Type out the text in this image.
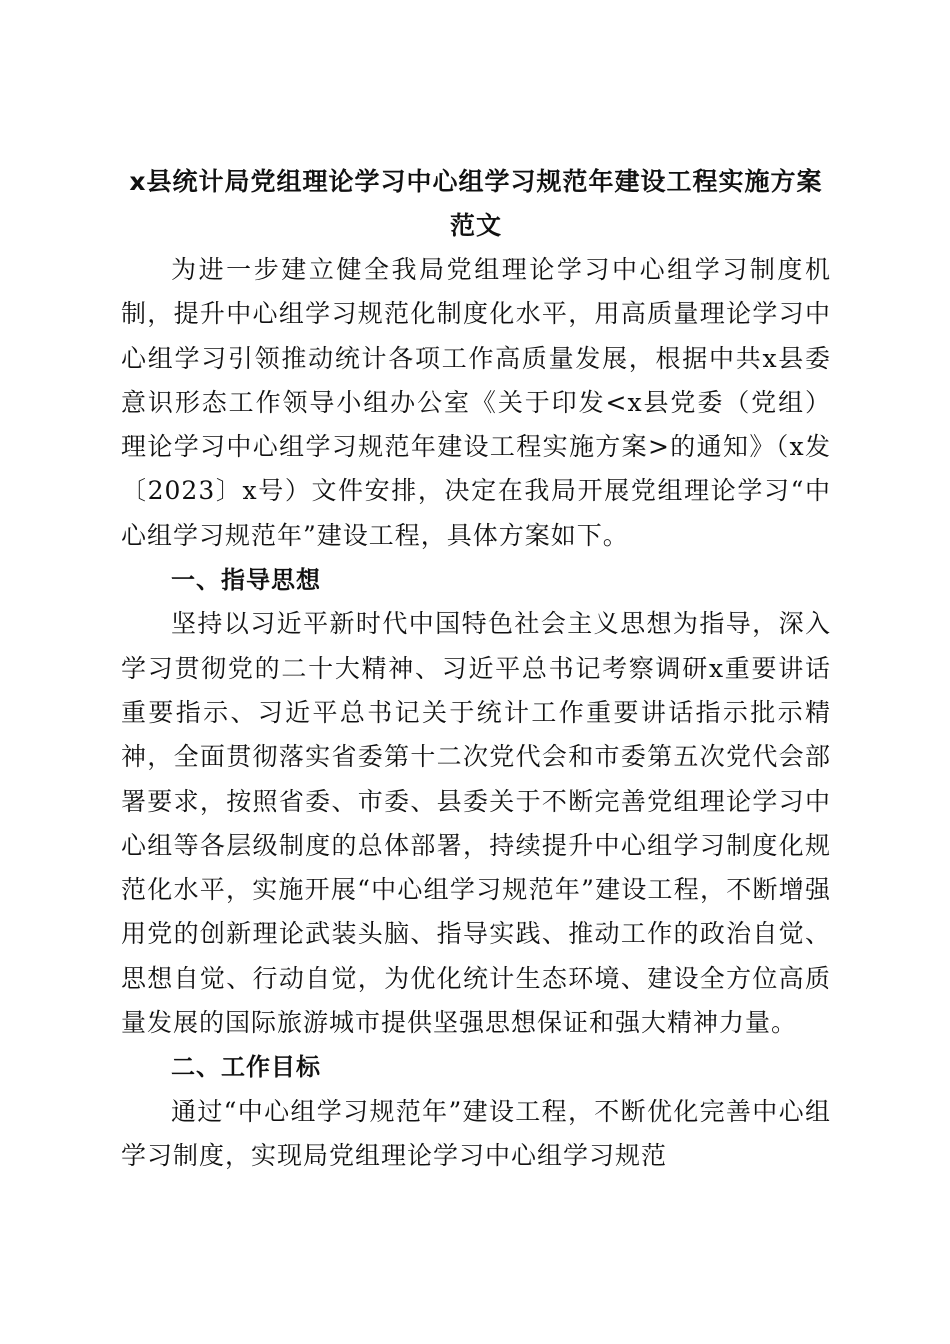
x县统计局党组理论学习中心组学习规范年建设工程实施方案
范文

为进一步建立健全我局党组理论学习中心组学习制度机制，提升中心组学习规范化制度化水平，用高质量理论学习中心组学习引领推动统计各项工作高质量发展，根据中共x县委意识形态工作领导小组办公室《关于印发<x县党委（党组）理论学习中心组学习规范年建设工程实施方案>的通知》（x发〔2023〕x号）文件安排，决定在我局开展党组理论学习“中心组学习规范年”建设工程，具体方案如下。

一、指导思想

坚持以习近平新时代中国特色社会主义思想为指导，深入学习贯彻党的二十大精神、习近平总书记考察调研x重要讲话重要指示、习近平总书记关于统计工作重要讲话指示批示精神，全面贯彻落实省委第十二次党代会和市委第五次党代会部署要求，按照省委、市委、县委关于不断完善党组理论学习中心组等各层级制度的总体部署，持续提升中心组学习制度化规范化水平，实施开展“中心组学习规范年”建设工程，不断增强用党的创新理论武装头脑、指导实践、推动工作的政治自觉、思想自觉、行动自觉，为优化统计生态环境、建设全方位高质量发展的国际旅游城市提供坚强思想保证和强大精神力量。

二、工作目标

通过“中心组学习规范年”建设工程，不断优化完善中心组学习制度，实现局党组理论学习中心组学习规范
